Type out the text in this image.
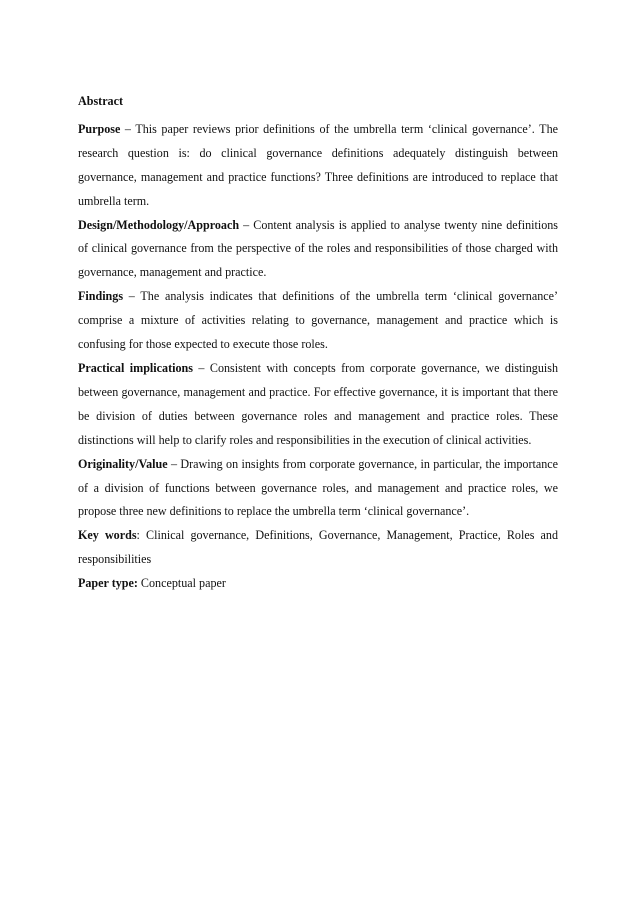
Abstract

Purpose – This paper reviews prior definitions of the umbrella term ‘clinical governance’. The research question is: do clinical governance definitions adequately distinguish between governance, management and practice functions? Three definitions are introduced to replace that umbrella term.

Design/Methodology/Approach – Content analysis is applied to analyse twenty nine definitions of clinical governance from the perspective of the roles and responsibilities of those charged with governance, management and practice.

Findings – The analysis indicates that definitions of the umbrella term ‘clinical governance’ comprise a mixture of activities relating to governance, management and practice which is confusing for those expected to execute those roles.

Practical implications – Consistent with concepts from corporate governance, we distinguish between governance, management and practice. For effective governance, it is important that there be division of duties between governance roles and management and practice roles. These distinctions will help to clarify roles and responsibilities in the execution of clinical activities.

Originality/Value – Drawing on insights from corporate governance, in particular, the importance of a division of functions between governance roles, and management and practice roles, we propose three new definitions to replace the umbrella term ‘clinical governance’.

Key words: Clinical governance, Definitions, Governance, Management, Practice, Roles and responsibilities

Paper type: Conceptual paper
